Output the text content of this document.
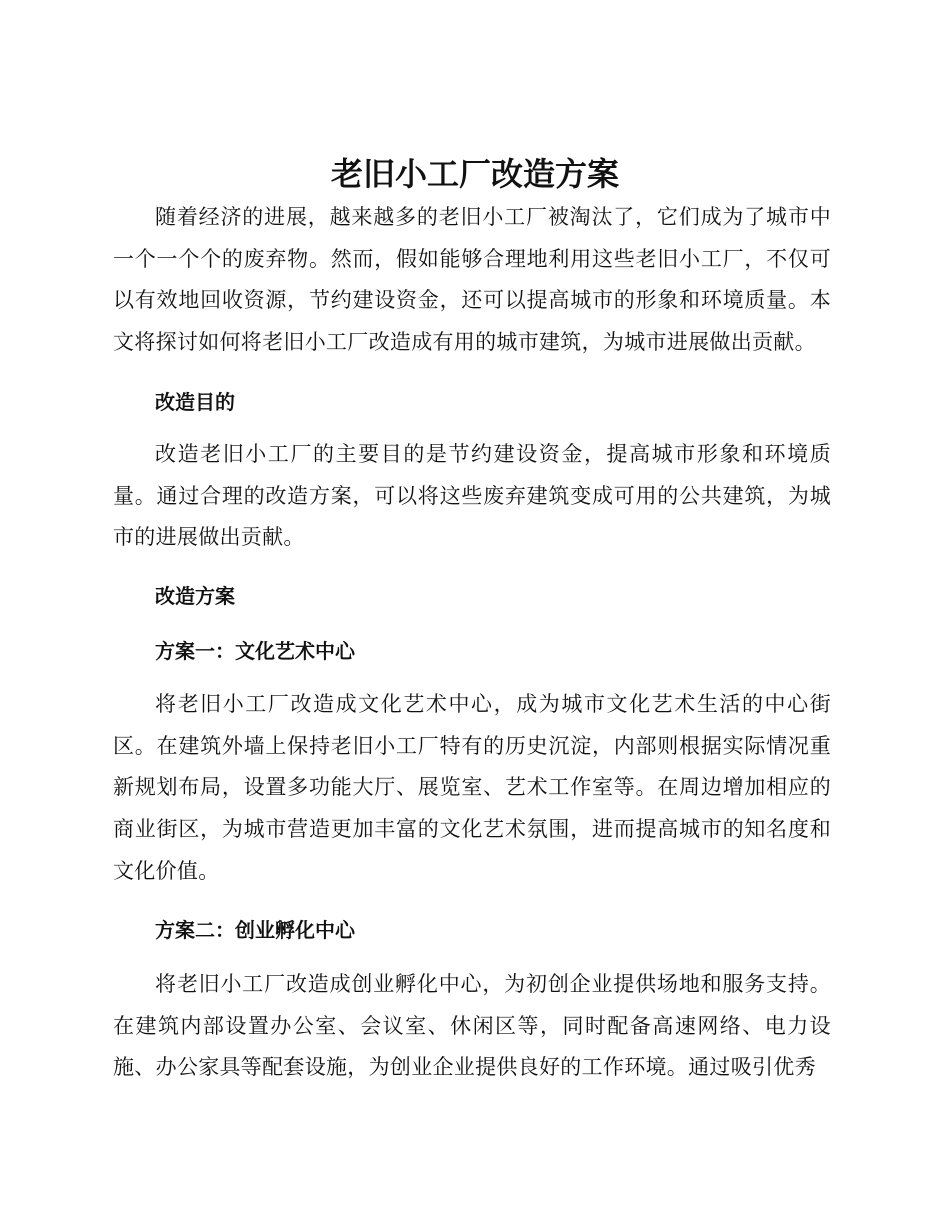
老旧小工厂改造方案

随着经济的进展，越来越多的老旧小工厂被淘汰了，它们成为了城市中一个一个个的废弃物。然而，假如能够合理地利用这些老旧小工厂，不仅可以有效地回收资源，节约建设资金，还可以提高城市的形象和环境质量。本文将探讨如何将老旧小工厂改造成有用的城市建筑，为城市进展做出贡献。

改造目的

改造老旧小工厂的主要目的是节约建设资金，提高城市形象和环境质量。通过合理的改造方案，可以将这些废弃建筑变成可用的公共建筑，为城市的进展做出贡献。

改造方案
方案一：文化艺术中心

将老旧小工厂改造成文化艺术中心，成为城市文化艺术生活的中心街区。在建筑外墙上保持老旧小工厂特有的历史沉淀，内部则根据实际情况重新规划布局，设置多功能大厅、展览室、艺术工作室等。在周边增加相应的商业街区，为城市营造更加丰富的文化艺术氛围，进而提高城市的知名度和文化价值。

方案二：创业孵化中心

将老旧小工厂改造成创业孵化中心，为初创企业提供场地和服务支持。在建筑内部设置办公室、会议室、休闲区等，同时配备高速网络、电力设施、办公家具等配套设施，为创业企业提供良好的工作环境。通过吸引优秀
